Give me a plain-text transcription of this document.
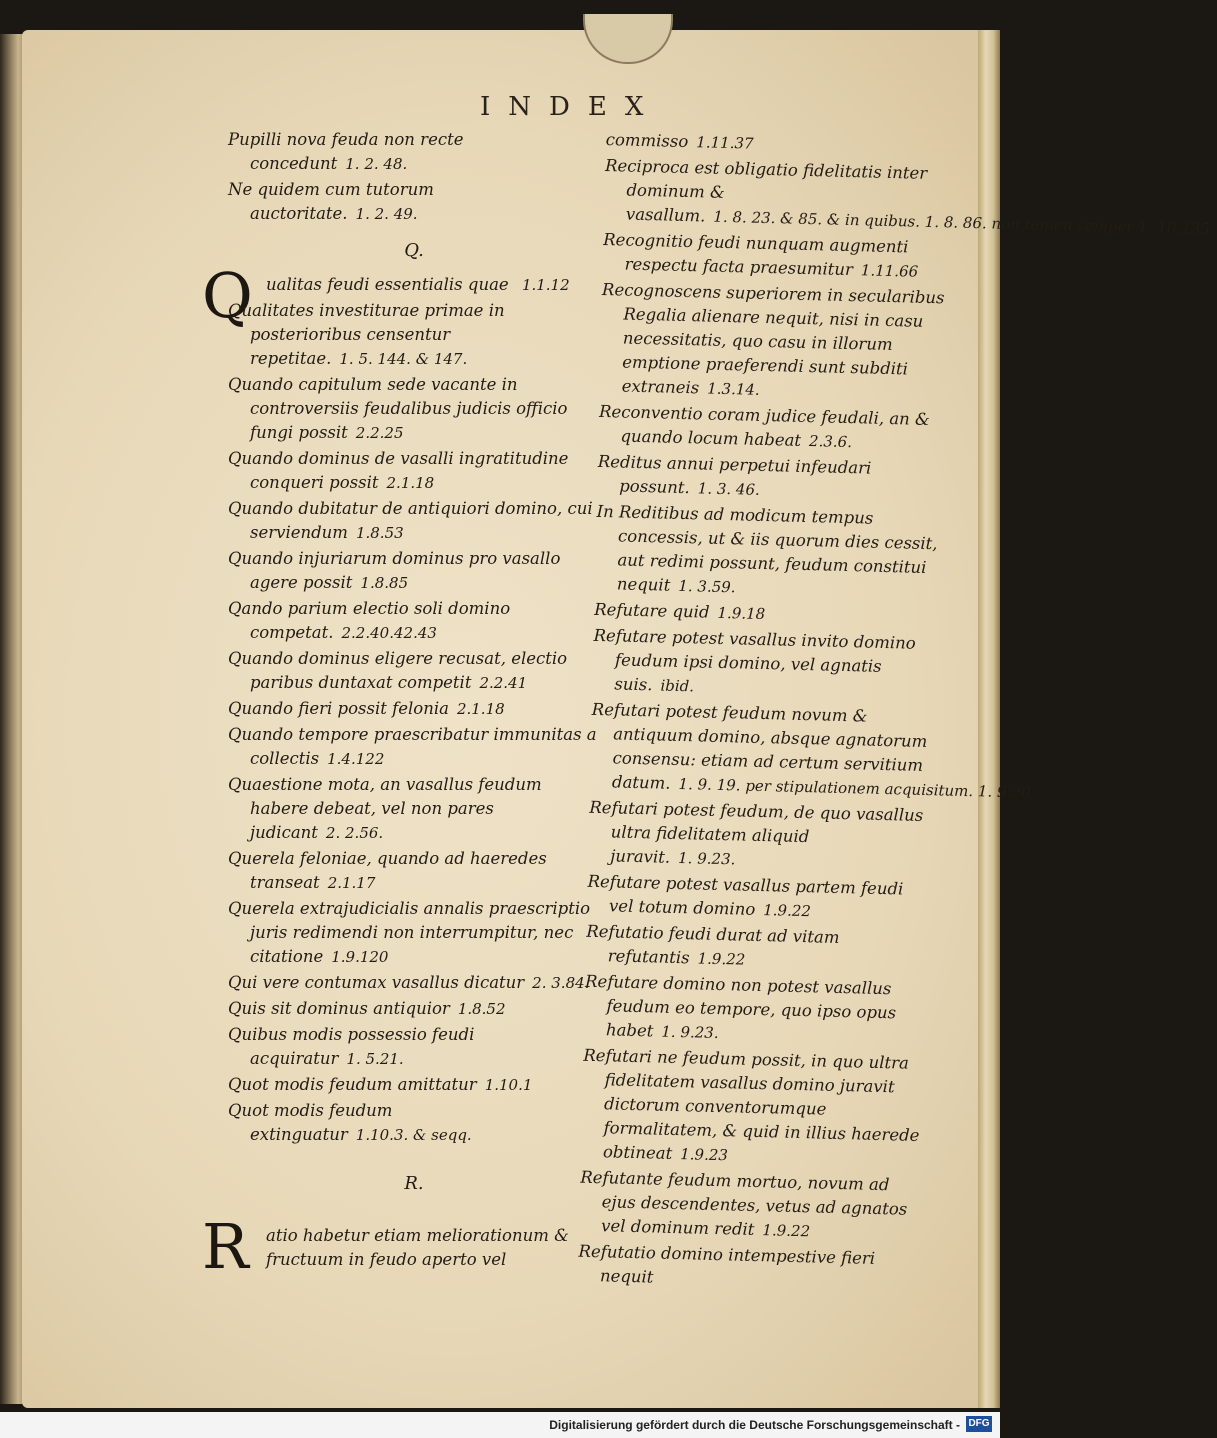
INDEX
Pupilli nova feuda non recte concedunt 1. 2. 48.
Ne quidem cum tutorum auctoritate. 1. 2. 49.
Q.
Q ualitas feudi essentialis quae 1.1.12
Qualitates investiturae primae in posterioribus censentur repetitae. 1. 5. 144. & 147.
Quando capitulum sede vacante in controversiis feudalibus judicis officio fungi possit 2.2.25
Quando dominus de vasalli ingratitudine conqueri possit 2.1.18
Quando dubitatur de antiquiori domino, cui serviendum 1.8.53
Quando injuriarum dominus pro vasallo agere possit 1.8.85
Qando parium electio soli domino competat. 2.2.40.42.43
Quando dominus eligere recusat, electio paribus duntaxat competit 2.2.41
Quando fieri possit felonia 2.1.18
Quando tempore praescribatur immunitas a collectis 1.4.122
Quaestione mota, an vasallus feudum habere debeat, vel non pares judicant 2. 2.56.
Querela feloniae, quando ad haeredes transeat 2.1.17
Querela extrajudicialis annalis praescriptio juris redimendi non interrumpitur, nec citatione 1.9.120
Qui vere contumax vasallus dicatur 2. 3.84.
Quis sit dominus antiquior 1.8.52
Quibus modis possessio feudi acquiratur 1. 5.21.
Quot modis feudum amittatur 1.10.1
Quot modis feudum extinguatur 1.10.3. & seqq.
R.
R atio habetur etiam meliorationum & fructuum in feudo aperto vel
commisso 1.11.37
Reciproca est obligatio fidelitatis inter dominum & vasallum. 1. 8. 23. & 85. & in quibus. 1. 8. 86. non tamen semper 1. 10.135.
Recognitio feudi nunquam augmenti respectu facta praesumitur 1.11.66
Recognoscens superiorem in secularibus Regalia alienare nequit, nisi in casu necessitatis, quo casu in illorum emptione praeferendi sunt subditi extraneis 1.3.14.
Reconventio coram judice feudali, an & quando locum habeat 2.3.6.
Reditus annui perpetui infeudari possunt. 1. 3. 46.
In Reditibus ad modicum tempus concessis, ut & iis quorum dies cessit, aut redimi possunt, feudum constitui nequit 1. 3.59.
Refutare quid 1.9.18
Refutare potest vasallus invito domino feudum ipsi domino, vel agnatis suis. ibid.
Refutari potest feudum novum & antiquum domino, absque agnatorum consensu: etiam ad certum servitium datum. 1. 9. 19. per stipulationem acquisitum. 1. 9.20.
Refutari potest feudum, de quo vasallus ultra fidelitatem aliquid juravit. 1. 9.23.
Refutare potest vasallus partem feudi vel totum domino 1.9.22
Refutatio feudi durat ad vitam refutantis 1.9.22
Refutare domino non potest vasallus feudum eo tempore, quo ipso opus habet 1. 9.23.
Refutari ne feudum possit, in quo ultra fidelitatem vasallus domino juravit dictorum conventorumque formalitatem, & quid in illius haerede obtineat 1.9.23
Refutante feudum mortuo, novum ad ejus descendentes, vetus ad agnatos vel dominum redit 1.9.22
Refutatio domino intempestive fieri nequit
Digitalisierung gefördert durch die Deutsche Forschungsgemeinschaft - DFG
